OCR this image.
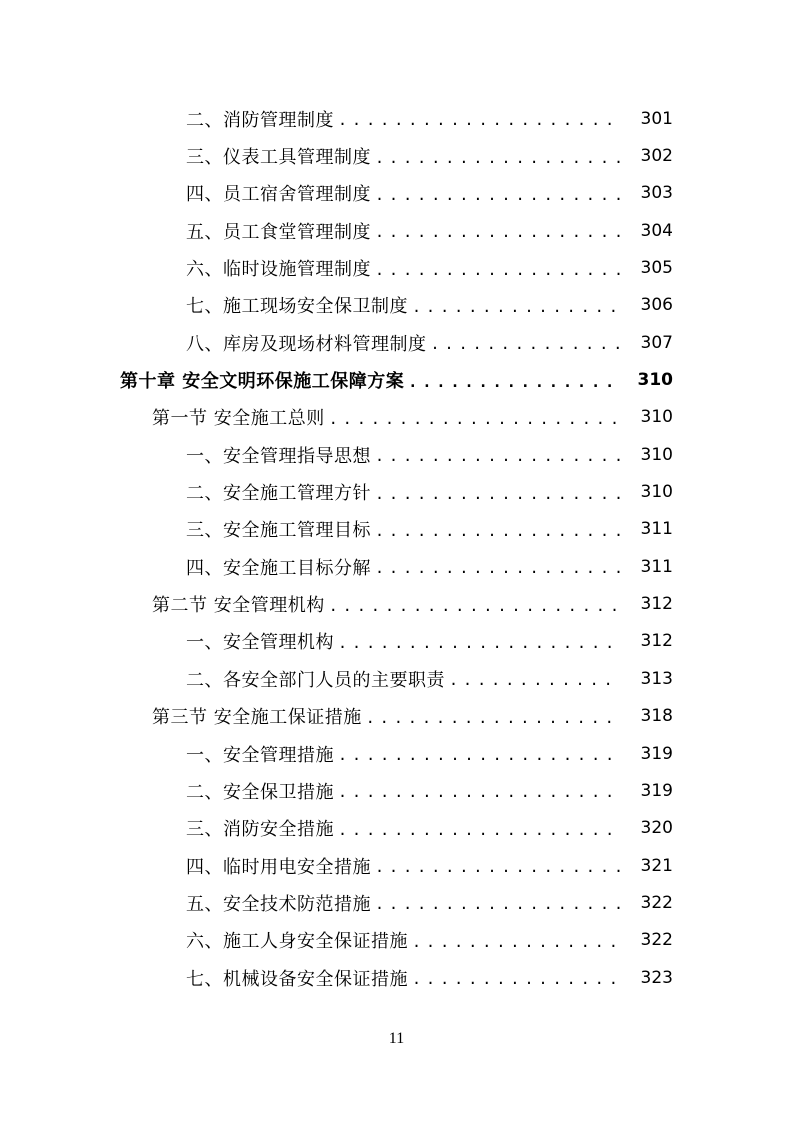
二、消防管理制度 . . .	301
三、仪表工具管理制度 . . .	302
四、员工宿舍管理制度 . . .	303
五、员工食堂管理制度 . . .	304
六、临时设施管理制度 . . .	305
七、施工现场安全保卫制度 . . .	306
八、库房及现场材料管理制度 . . .	307
第十章 安全文明环保施工保障方案 . . .	310
第一节 安全施工总则 . . .	310
一、安全管理指导思想 . . .	310
二、安全施工管理方针 . . .	310
三、安全施工管理目标 . . .	311
四、安全施工目标分解 . . .	311
第二节 安全管理机构 . . .	312
一、安全管理机构 . . .	312
二、各安全部门人员的主要职责 . . .	313
第三节 安全施工保证措施 . . .	318
一、安全管理措施 . . .	319
二、安全保卫措施 . . .	319
三、消防安全措施 . . .	320
四、临时用电安全措施 . . .	321
五、安全技术防范措施 . . .	322
六、施工人身安全保证措施 . . .	322
七、机械设备安全保证措施 . . .	323
11
